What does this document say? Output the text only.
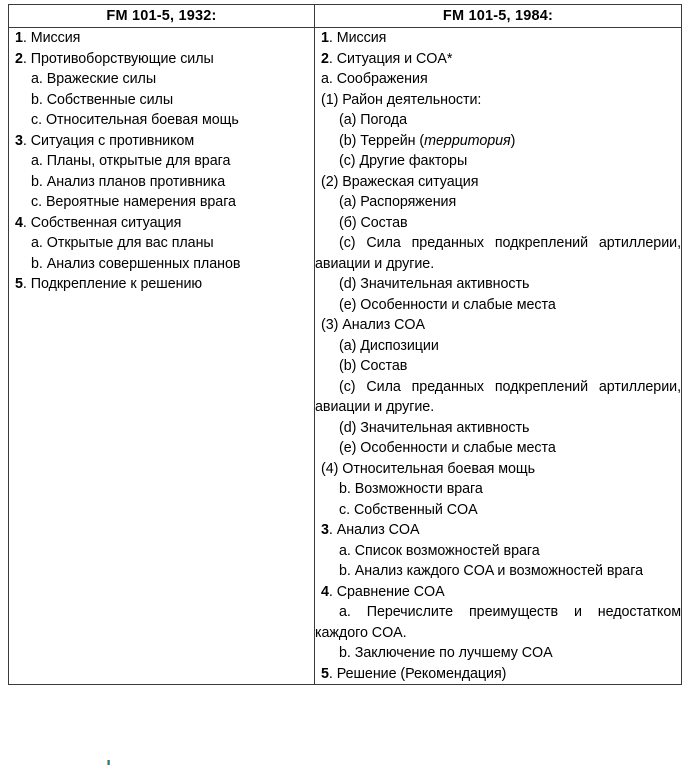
FM 101-5, 1932:	FM 101-5, 1984:

1. Миссия
2. Противоборствующие силы
a. Вражеские силы
b. Собственные силы
c. Относительная боевая мощь
3. Ситуация с противником
a. Планы, открытые для врага
b. Анализ планов противника
c. Вероятные намерения врага
4. Собственная ситуация
a. Открытые для вас планы
b. Анализ совершенных планов
5. Подкрепление к решению

1. Миссия
2. Ситуация и COA*
a. Соображения
(1) Район деятельности:
(a) Погода
(b) Террейн (территория)
(c) Другие факторы
(2) Вражеская ситуация
(a) Распоряжения
(б) Состав
(c) Сила преданных подкреплений артиллерии, авиации и другие.
(d) Значительная активность
(e) Особенности и слабые места
(3) Анализ COA
(a) Диспозиции
(b) Состав
(c) Сила преданных подкреплений артиллерии, авиации и другие.
(d) Значительная активность
(e) Особенности и слабые места
(4) Относительная боевая мощь
b. Возможности врага
c. Собственный COA
3. Анализ COA
a. Список возможностей врага
b. Анализ каждого COA и возможностей врага
4. Сравнение COA
a. Перечислите преимуществ и недостатком каждого COA.
b. Заключение по лучшему COA
5. Решение (Рекомендация)
